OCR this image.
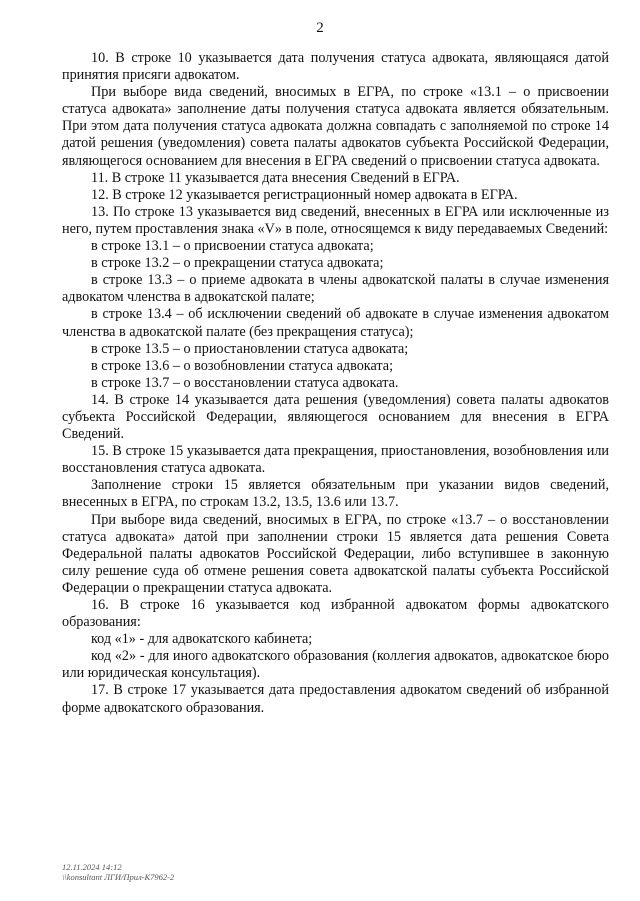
2

10. В строке 10 указывается дата получения статуса адвоката, являющаяся датой принятия присяги адвокатом.

При выборе вида сведений, вносимых в ЕГРА, по строке «13.1 – о присвоении статуса адвоката» заполнение даты получения статуса адвоката является обязательным. При этом дата получения статуса адвоката должна совпадать с заполняемой по строке 14 датой решения (уведомления) совета палаты адвокатов субъекта Российской Федерации, являющегося основанием для внесения в ЕГРА сведений о присвоении статуса адвоката.

11. В строке 11 указывается дата внесения Сведений в ЕГРА.

12. В строке 12 указывается регистрационный номер адвоката в ЕГРА.

13. По строке 13 указывается вид сведений, внесенных в ЕГРА или исключенные из него, путем проставления знака «V» в поле, относящемся к виду передаваемых Сведений:

в строке 13.1 – о присвоении статуса адвоката;

в строке 13.2 – о прекращении статуса адвоката;

в строке 13.3 – о приеме адвоката в члены адвокатской палаты в случае изменения адвокатом членства в адвокатской палате;

в строке 13.4 – об исключении сведений об адвокате в случае изменения адвокатом членства в адвокатской палате (без прекращения статуса);

в строке 13.5 – о приостановлении статуса адвоката;

в строке 13.6 – о возобновлении статуса адвоката;

в строке 13.7 – о восстановлении статуса адвоката.

14. В строке 14 указывается дата решения (уведомления) совета палаты адвокатов субъекта Российской Федерации, являющегося основанием для внесения в ЕГРА Сведений.

15. В строке 15 указывается дата прекращения, приостановления, возобновления или восстановления статуса адвоката.

Заполнение строки 15 является обязательным при указании видов сведений, внесенных в ЕГРА, по строкам 13.2, 13.5, 13.6 или 13.7.

При выборе вида сведений, вносимых в ЕГРА, по строке «13.7 – о восстановлении статуса адвоката» датой при заполнении строки 15 является дата решения Совета Федеральной палаты адвокатов Российской Федерации, либо вступившее в законную силу решение суда об отмене решения совета адвокатской палаты субъекта Российской Федерации о прекращении статуса адвоката.

16. В строке 16 указывается код избранной адвокатом формы адвокатского образования:

код «1» - для адвокатского кабинета;

код «2» - для иного адвокатского образования (коллегия адвокатов, адвокатское бюро или юридическая консультация).

17. В строке 17 указывается дата предоставления адвокатом сведений об избранной форме адвокатского образования.

12.11.2024 14:12
\\konsultant ЛГИ/Прил-К7962-2
